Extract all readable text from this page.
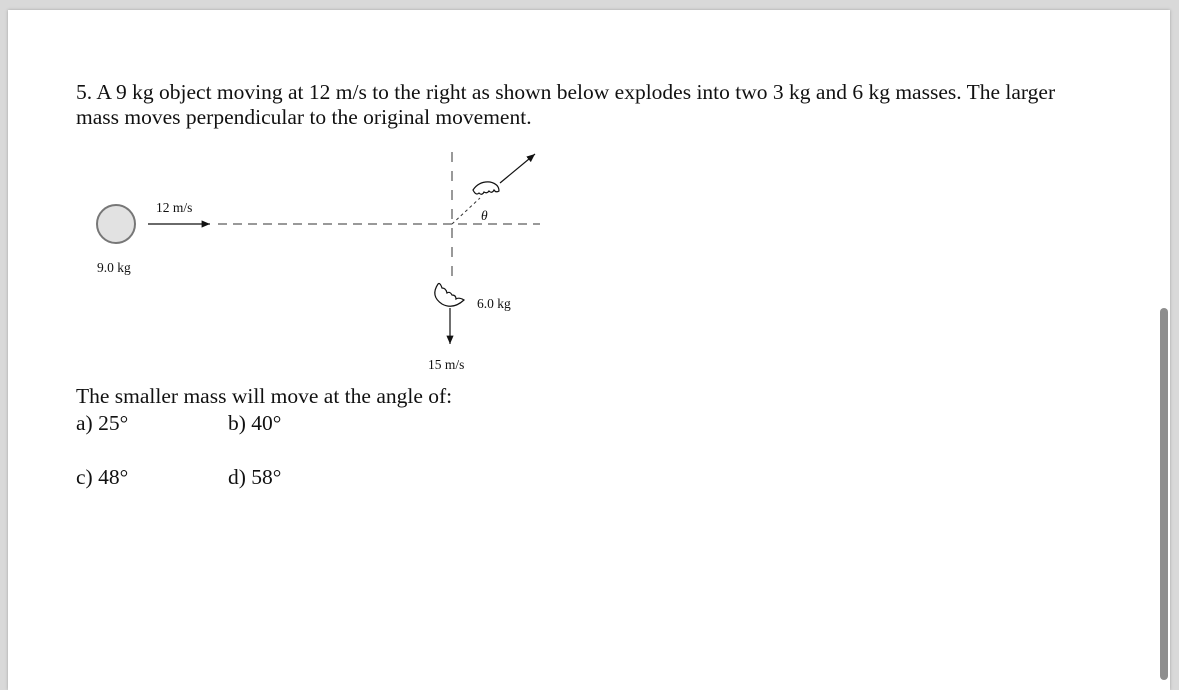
5. A 9 kg object moving at 12 m/s to the right as shown below explodes into two 3 kg and 6 kg masses. The larger mass moves perpendicular to the original movement.

12 m/s
9.0 kg
6.0 kg
15 m/s
θ

The smaller mass will move at the angle of:

a) 25°	b) 40°
c) 48°	d) 58°
